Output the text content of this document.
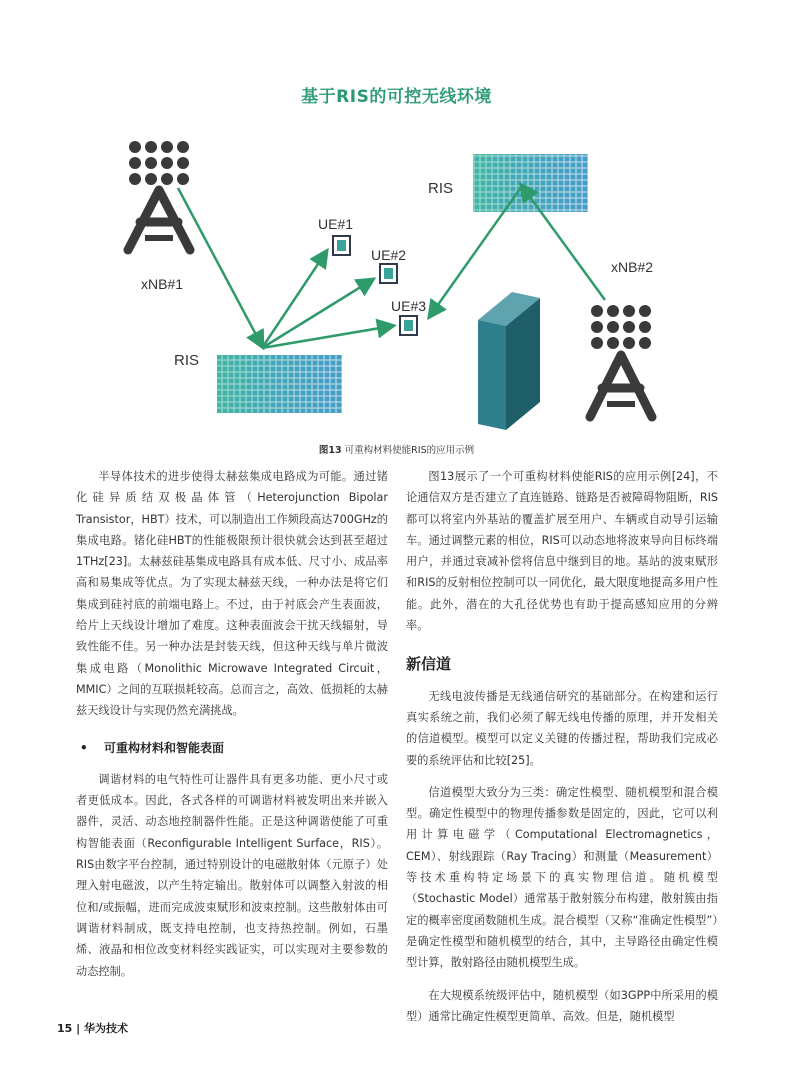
基于RIS的可控无线环境
xNB#1
xNB#2
RIS
RIS
UE#1
UE#2
UE#3
图13 可重构材料使能RIS的应用示例

半导体技术的进步使得太赫兹集成电路成为可能。通过锗化硅异质结双极晶体管（Heterojunction Bipolar Transistor，HBT）技术，可以制造出工作频段高达700GHz的集成电路。锗化硅HBT的性能极限预计很快就会达到甚至超过1THz[23]。太赫兹硅基集成电路具有成本低、尺寸小、成品率高和易集成等优点。为了实现太赫兹天线，一种办法是将它们集成到硅衬底的前端电路上。不过，由于衬底会产生表面波，给片上天线设计增加了难度。这种表面波会干扰天线辐射，导致性能不佳。另一种办法是封装天线，但这种天线与单片微波集成电路（Monolithic Microwave Integrated Circuit，MMIC）之间的互联损耗较高。总而言之，高效、低损耗的太赫兹天线设计与实现仍然充满挑战。

• 可重构材料和智能表面

调谐材料的电气特性可让器件具有更多功能、更小尺寸或者更低成本。因此，各式各样的可调谐材料被发明出来并嵌入器件，灵活、动态地控制器件性能。正是这种调谐使能了可重构智能表面（Reconfigurable Intelligent Surface，RIS）。RIS由数字平台控制，通过特别设计的电磁散射体（元原子）处理入射电磁波，以产生特定输出。散射体可以调整入射波的相位和/或振幅，进而完成波束赋形和波束控制。这些散射体由可调谐材料制成，既支持电控制，也支持热控制。例如，石墨烯、液晶和相位改变材料经实践证实，可以实现对主要参数的动态控制。

图13展示了一个可重构材料使能RIS的应用示例[24]，不论通信双方是否建立了直连链路、链路是否被障碍物阻断，RIS都可以将室内外基站的覆盖扩展至用户、车辆或自动导引运输车。通过调整元素的相位，RIS可以动态地将波束导向目标终端用户，并通过衰减补偿将信息中继到目的地。基站的波束赋形和RIS的反射相位控制可以一同优化，最大限度地提高多用户性能。此外，潜在的大孔径优势也有助于提高感知应用的分辨率。

新信道

无线电波传播是无线通信研究的基础部分。在构建和运行真实系统之前，我们必须了解无线电传播的原理，并开发相关的信道模型。模型可以定义关键的传播过程，帮助我们完成必要的系统评估和比较[25]。

信道模型大致分为三类：确定性模型、随机模型和混合模型。确定性模型中的物理传播参数是固定的，因此，它可以利用计算电磁学（Computational Electromagnetics，CEM）、射线跟踪（Ray Tracing）和测量（Measurement）等技术重构特定场景下的真实物理信道。随机模型（Stochastic Model）通常基于散射簇分布构建，散射簇由指定的概率密度函数随机生成。混合模型（又称“准确定性模型”）是确定性模型和随机模型的结合，其中，主导路径由确定性模型计算，散射路径由随机模型生成。

在大规模系统级评估中，随机模型（如3GPP中所采用的模型）通常比确定性模型更简单、高效。但是，随机模型

15 | 华为技术
